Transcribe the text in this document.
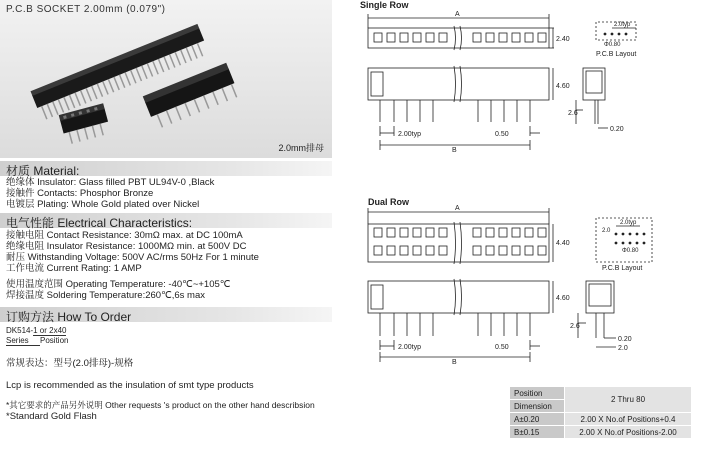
P.C.B SOCKET 2.00mm (0.079")
2.0mm排母
材质 Material:
绝缘体 Insulator: Glass filled PBT UL94V-0 ,Black
接触件 Contacts: Phosphor Bronze
电镀层 Plating: Whole Gold plated over Nickel
电气性能 Electrical Characteristics:
接触电阻 Contact Resistance: 30mΩ max. at DC 100mA
绝缘电阻 Insulator Resistance: 1000MΩ min. at 500V DC
耐压 Withstanding Voltage: 500V AC/rms 50Hz For 1 minute
工作电流 Current Rating: 1 AMP
使用温度范围 Operating Temperature: -40℃~+105℃
焊接温度 Soldering Temperature:260℃,6s max
订购方法 How To Order
DK514-1 or 2x40
Series Position
常规表达：型号(2.0排母)-规格
Lcp is recommended as the insulation of smt type products
*其它要求的产品另外说明 Other requests 's product on the other hand describsion
*Standard Gold Flash
Single Row
A
2.40
4.60
2.00typ	0.50
B
2.6
0.20
2.0typ
Φ0.80
P.C.B Layout
Dual Row
A
4.40
4.60
2.00typ	0.50
B
2.6
0.20
2.0
2.0typ
Φ0.80
2.0
P.C.B Layout
Position	2 Thru 80
Dimension	
A±0.20	2.00 X No.of Positions+0.4
B±0.15	2.00 X No.of Positions-2.00
